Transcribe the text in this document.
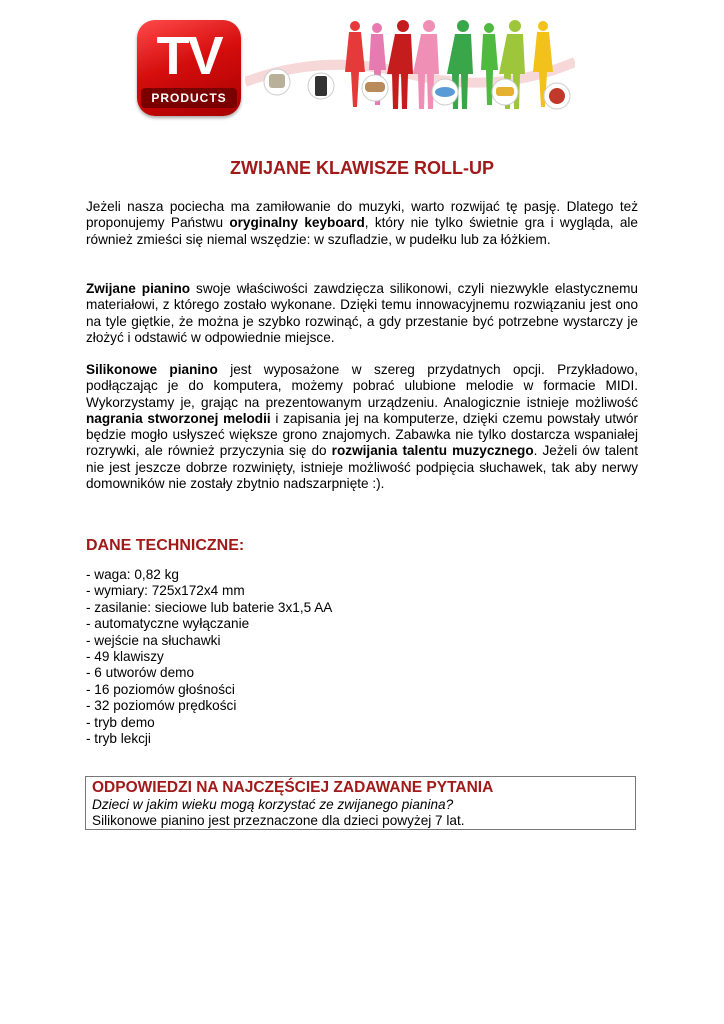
TV
PRODUCTS
ZWIJANE KLAWISZE ROLL-UP

Jeżeli nasza pociecha ma zamiłowanie do muzyki, warto rozwijać tę pasję. Dlatego też proponujemy Państwu oryginalny keyboard, który nie tylko świetnie gra i wygląda, ale również zmieści się niemal wszędzie: w szufladzie, w pudełku lub za łóżkiem.

Zwijane pianino swoje właściwości zawdzięcza silikonowi, czyli niezwykle elastycznemu materiałowi, z którego zostało wykonane. Dzięki temu innowacyjnemu rozwiązaniu jest ono na tyle giętkie, że można je szybko rozwinąć, a gdy przestanie być potrzebne wystarczy je złożyć i odstawić w odpowiednie miejsce.

Silikonowe pianino jest wyposażone w szereg przydatnych opcji. Przykładowo, podłączając je do komputera, możemy pobrać ulubione melodie w formacie MIDI. Wykorzystamy je, grając na prezentowanym urządzeniu. Analogicznie istnieje możliwość nagrania stworzonej melodii i zapisania jej na komputerze, dzięki czemu powstały utwór będzie mogło usłyszeć większe grono znajomych. Zabawka nie tylko dostarcza wspaniałej rozrywki, ale również przyczynia się do rozwijania talentu muzycznego. Jeżeli ów talent nie jest jeszcze dobrze rozwinięty, istnieje możliwość podpięcia słuchawek, tak aby nerwy domowników nie zostały zbytnio nadszarpnięte :).

DANE TECHNICZNE:
- waga: 0,82 kg
- wymiary: 725x172x4 mm
- zasilanie: sieciowe lub baterie 3x1,5 AA
- automatyczne wyłączanie
- wejście na słuchawki
- 49 klawiszy
- 6 utworów demo
- 16 poziomów głośności
- 32 poziomów prędkości
- tryb demo
- tryb lekcji

ODPOWIEDZI NA NAJCZĘŚCIEJ ZADAWANE PYTANIA

Dzieci w jakim wieku mogą korzystać ze zwijanego pianina?

Silikonowe pianino jest przeznaczone dla dzieci powyżej 7 lat.
